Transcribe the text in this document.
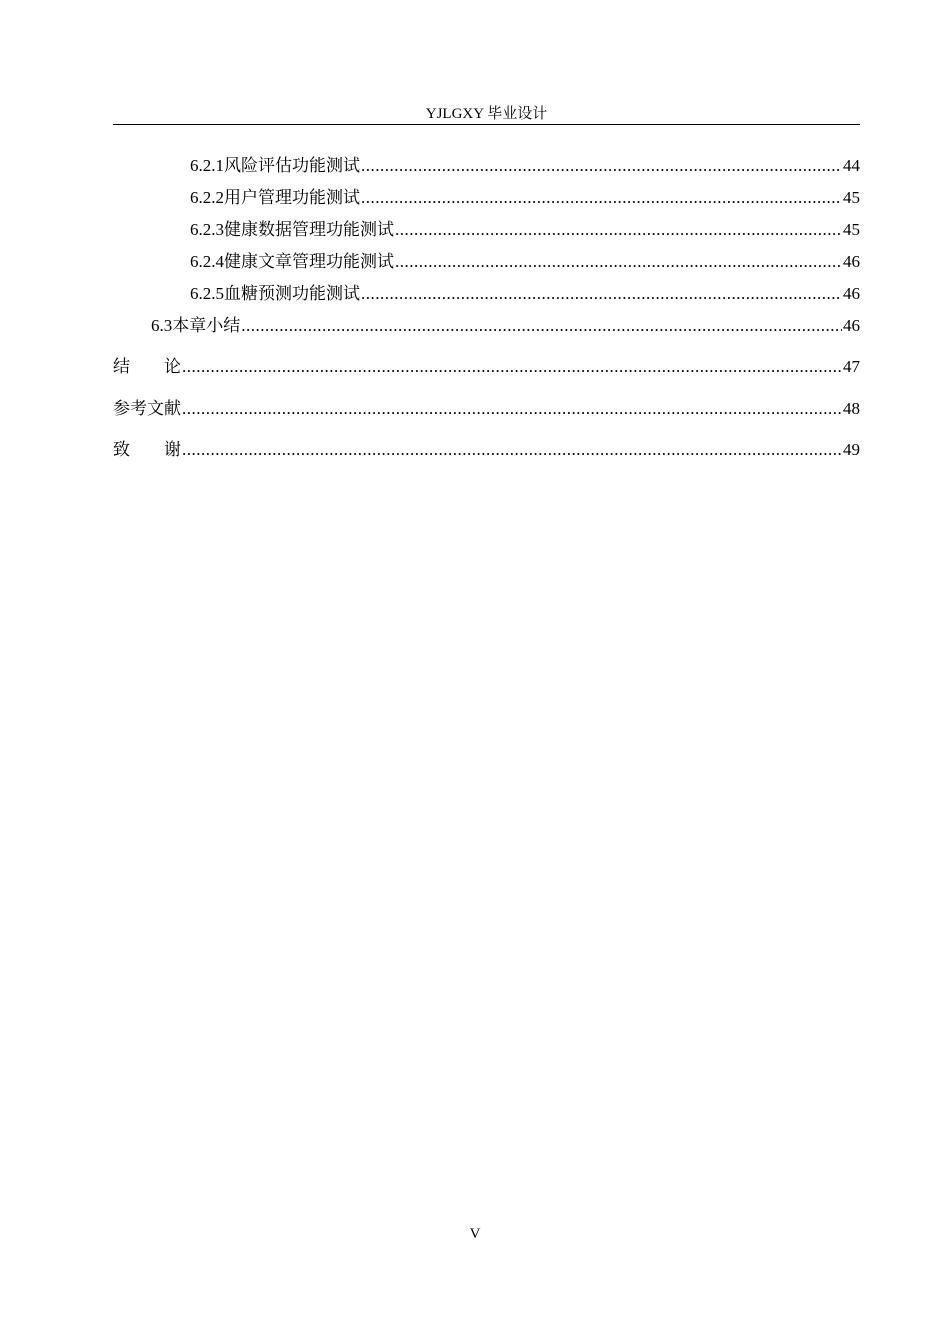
YJLGXY 毕业设计
6.2.1 风险评估功能测试 .....	44
6.2.2 用户管理功能测试 .....	45
6.2.3 健康数据管理功能测试 .....	45
6.2.4 健康文章管理功能测试 .....	46
6.2.5 血糖预测功能测试 .....	46
6.3 本章小结 .....	46
结　　论 .....	47
参考文献 .....	48
致　　谢 .....	49
V
